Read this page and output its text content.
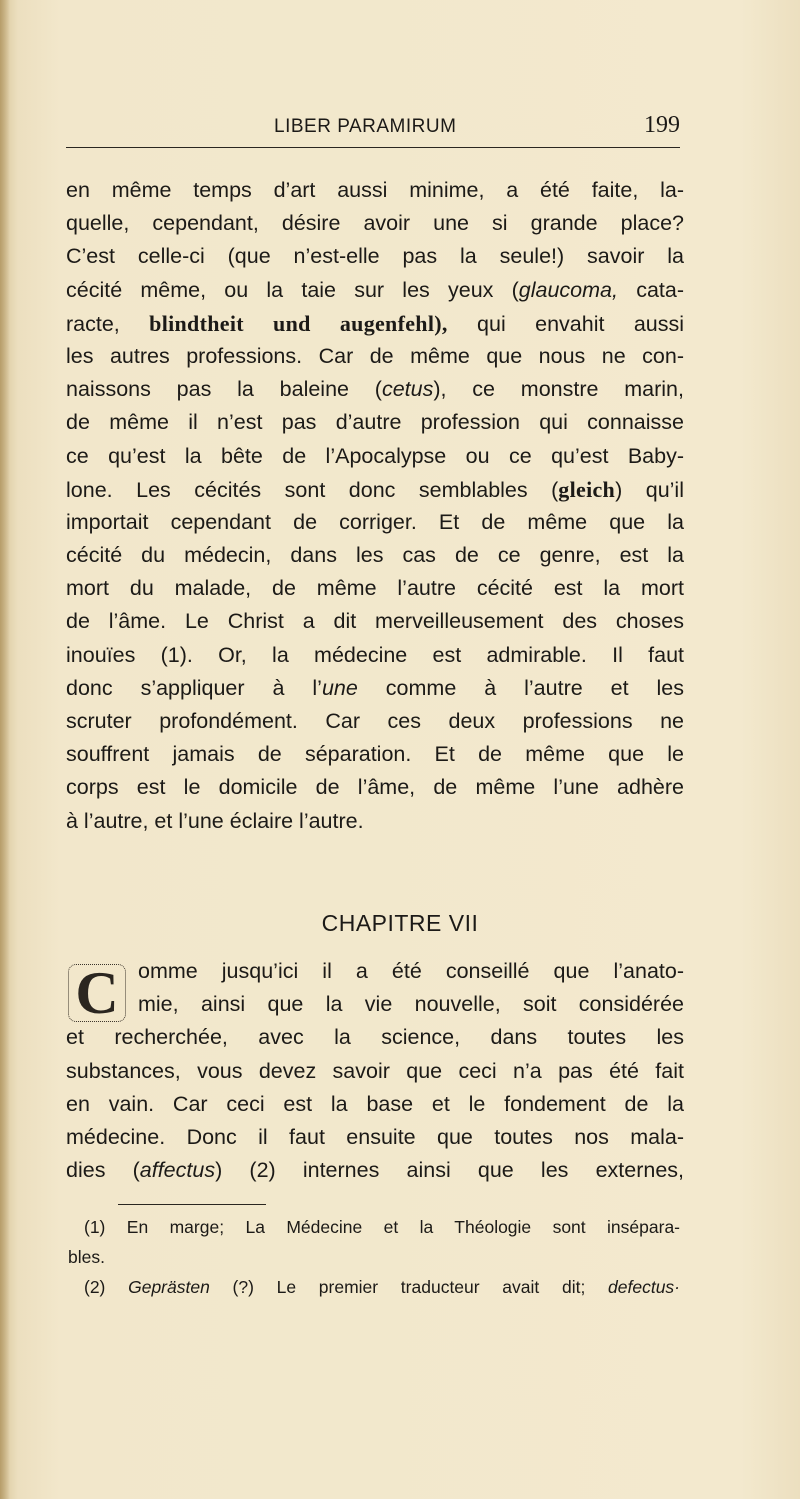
LIBER PARAMIRUM	199
en même temps d’art aussi minime, a été faite, la-
quelle, cependant, désire avoir une si grande place?
C’est celle-ci (que n’est-elle pas la seule!) savoir la
cécité même, ou la taie sur les yeux (glaucoma, cata-
racte, blindtheit und augenfehl), qui envahit aussi
les autres professions. Car de même que nous ne con-
naissons pas la baleine (cetus), ce monstre marin,
de même il n’est pas d’autre profession qui connaisse
ce qu’est la bête de l’Apocalypse ou ce qu’est Baby-
lone. Les cécités sont donc semblables (gleich) qu’il
importait cependant de corriger. Et de même que la
cécité du médecin, dans les cas de ce genre, est la
mort du malade, de même l’autre cécité est la mort
de l’âme. Le Christ a dit merveilleusement des choses
inouïes (1). Or, la médecine est admirable. Il faut
donc s’appliquer à l’une comme à l’autre et les
scruter profondément. Car ces deux professions ne
souffrent jamais de séparation. Et de même que le
corps est le domicile de l’âme, de même l’une adhère
à l’autre, et l’une éclaire l’autre.
CHAPITRE VII
C omme jusqu’ici il a été conseillé que l’anato-
mie, ainsi que la vie nouvelle, soit considérée
et recherchée, avec la science, dans toutes les
substances, vous devez savoir que ceci n’a pas été fait
en vain. Car ceci est la base et le fondement de la
médecine. Donc il faut ensuite que toutes nos mala-
dies (affectus) (2) internes ainsi que les externes,
(1) En marge; La Médecine et la Théologie sont insépara-
bles.
(2) Geprästen (?) Le premier traducteur avait dit; defectus·
